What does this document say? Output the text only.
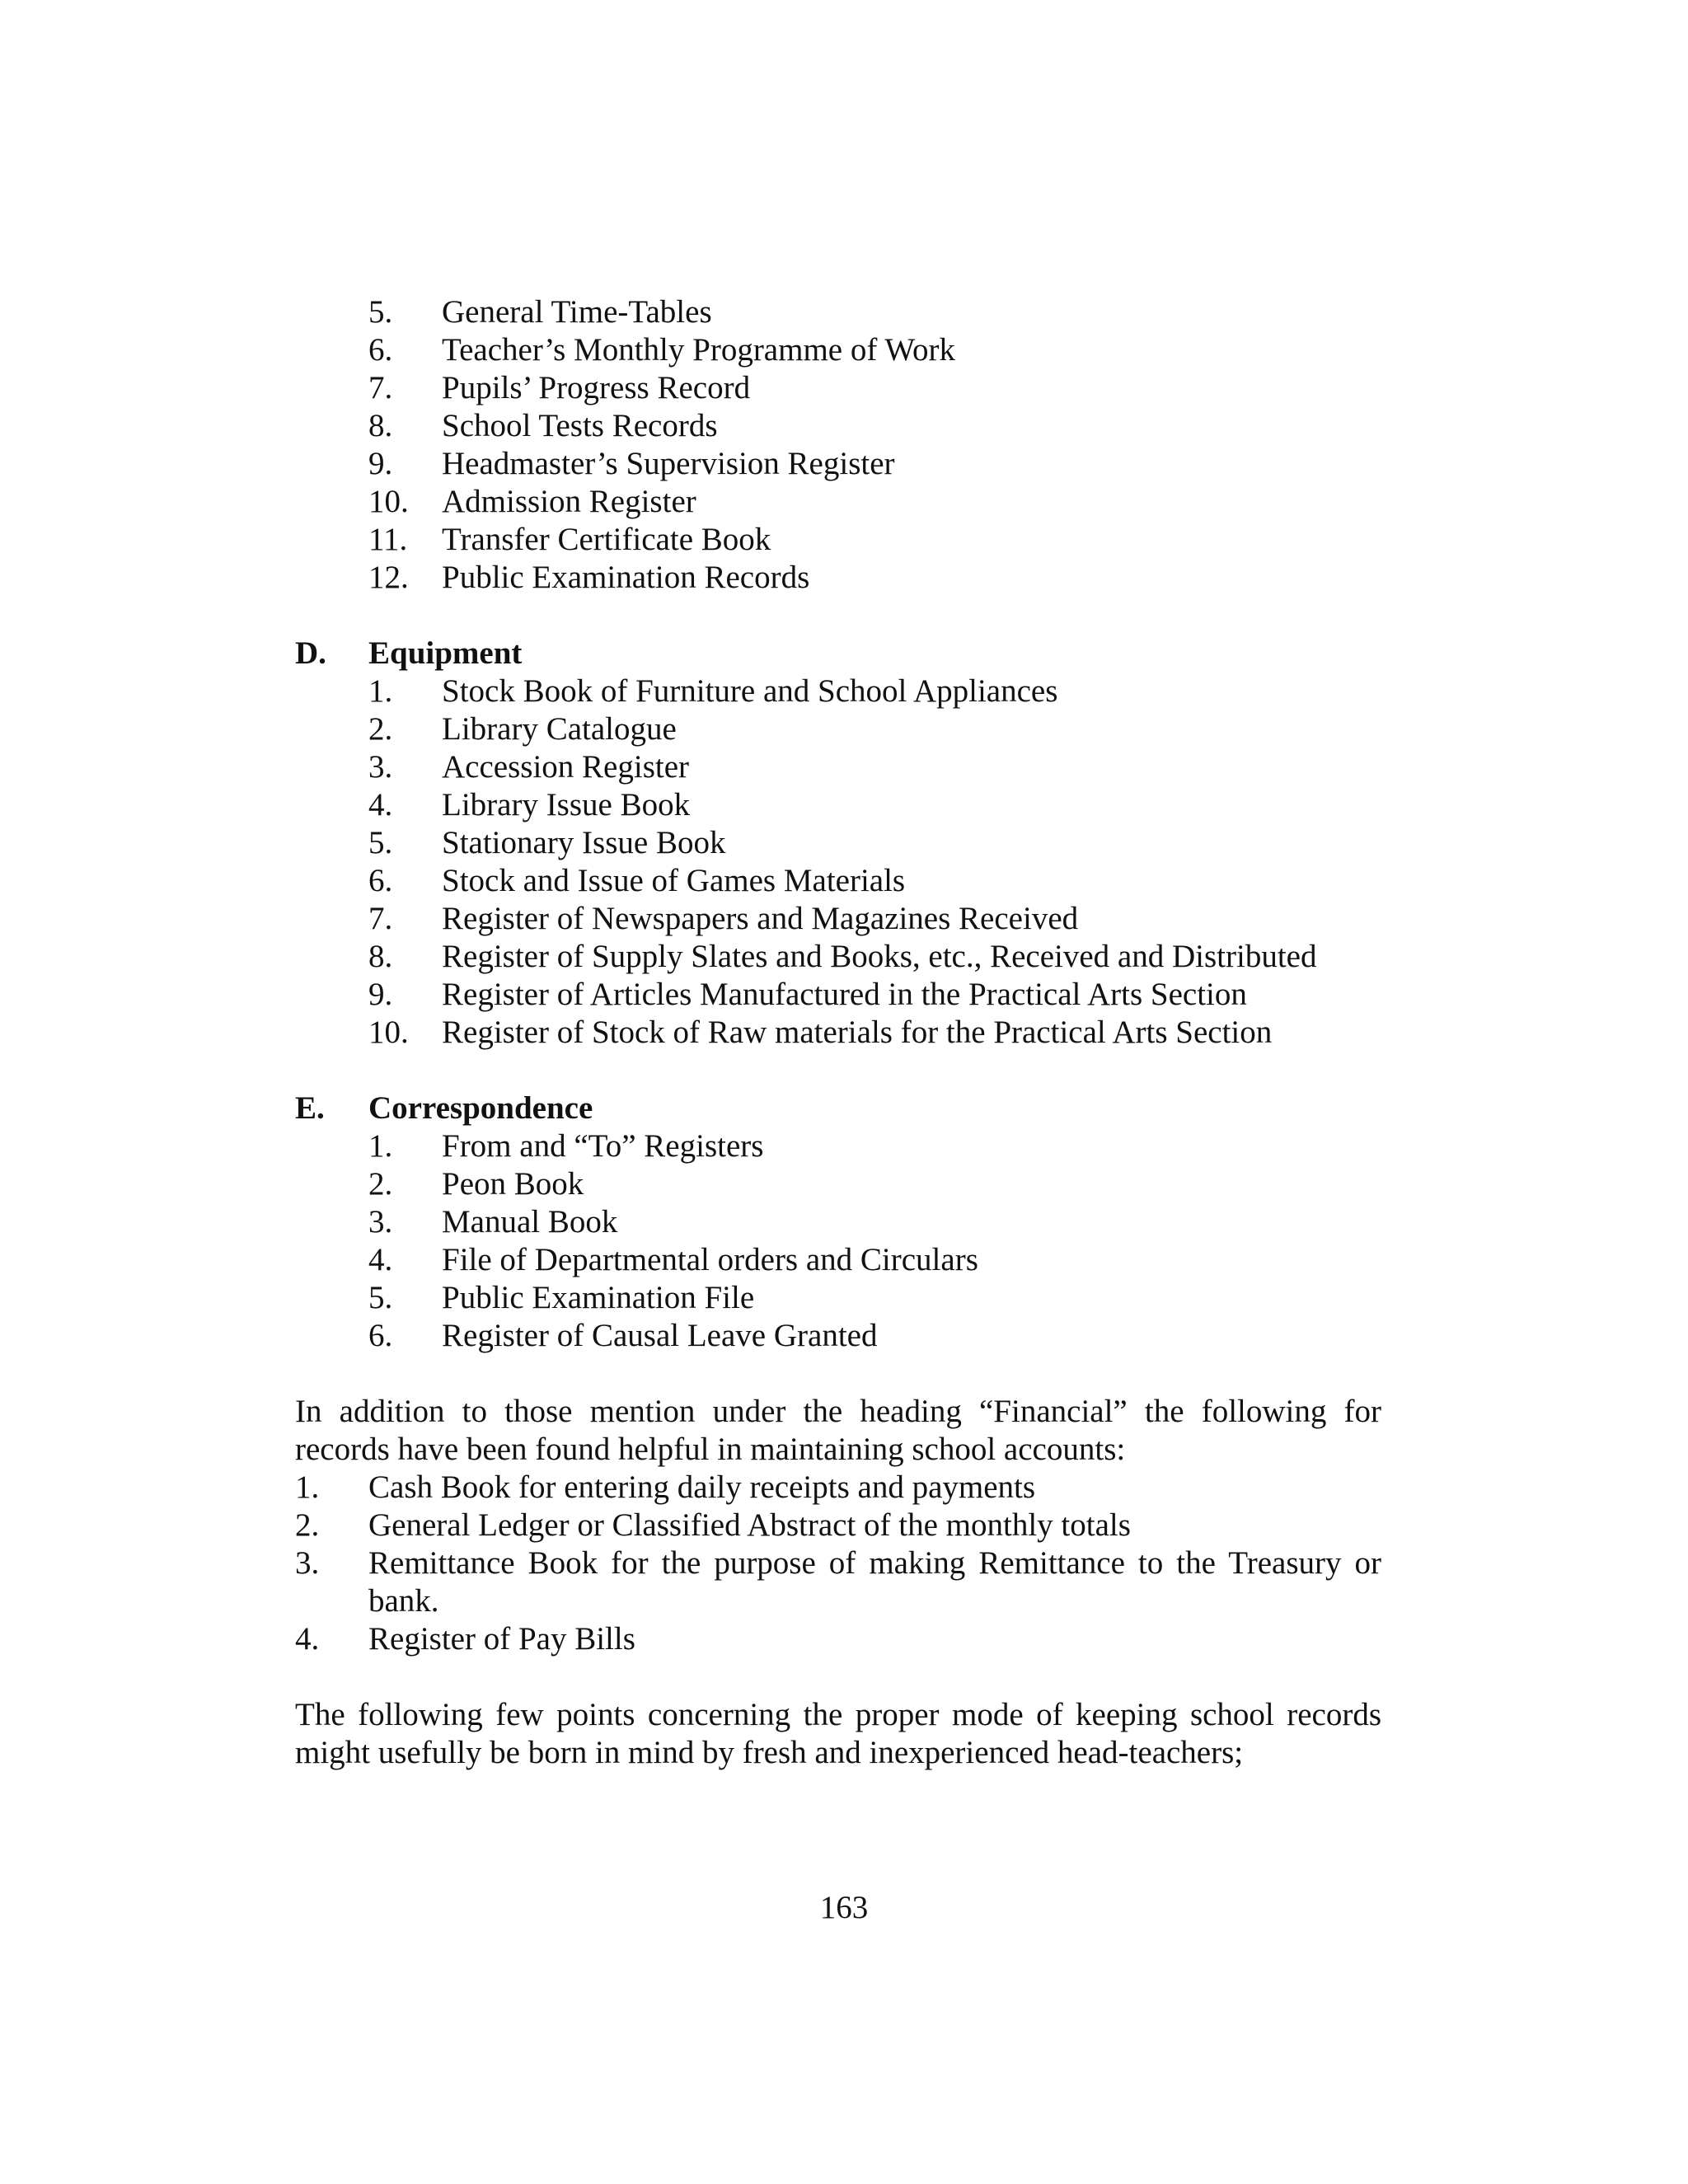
5. General Time-Tables
6. Teacher’s Monthly Programme of Work
7. Pupils’ Progress Record
8. School Tests Records
9. Headmaster’s Supervision Register
10. Admission Register
11. Transfer Certificate Book
12. Public Examination Records
D. Equipment
1. Stock Book of Furniture and School Appliances
2. Library Catalogue
3. Accession Register
4. Library Issue Book
5. Stationary Issue Book
6. Stock and Issue of Games Materials
7. Register of Newspapers and Magazines Received
8. Register of Supply Slates and Books, etc., Received and Distributed
9. Register of Articles Manufactured in the Practical Arts Section
10. Register of Stock of Raw materials for the Practical Arts Section
E. Correspondence
1. From and “To” Registers
2. Peon Book
3. Manual Book
4. File of Departmental orders and Circulars
5. Public Examination File
6. Register of Causal Leave Granted
In addition to those mention under the heading “Financial” the following for
records have been found helpful in maintaining school accounts:
1. Cash Book for entering daily receipts and payments
2. General Ledger or Classified Abstract of the monthly totals
3. Remittance Book for the purpose of making Remittance to the Treasury or
bank.
4. Register of Pay Bills
The following few points concerning the proper mode of keeping school records
might usefully be born in mind by fresh and inexperienced head-teachers;
163
